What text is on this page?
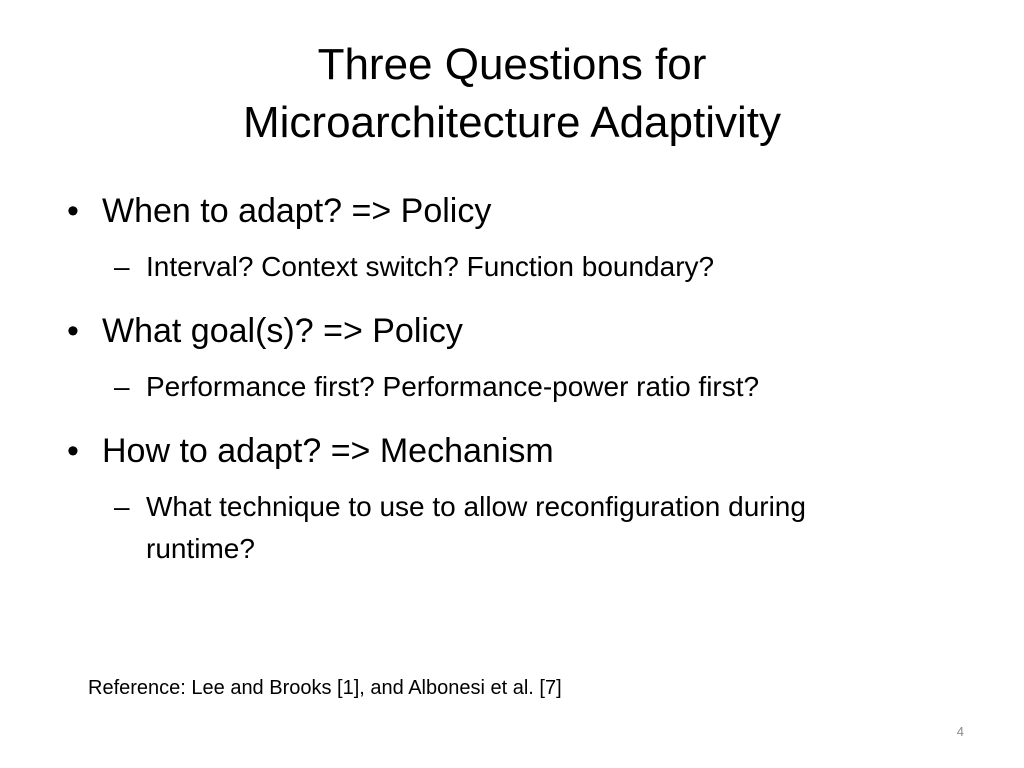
Three Questions for
Microarchitecture Adaptivity
• When to adapt? => Policy
– Interval? Context switch? Function boundary?
• What goal(s)? => Policy
– Performance first? Performance-power ratio first?
• How to adapt? => Mechanism
– What technique to use to allow reconfiguration during runtime?
Reference: Lee and Brooks [1], and Albonesi et al. [7]
4
